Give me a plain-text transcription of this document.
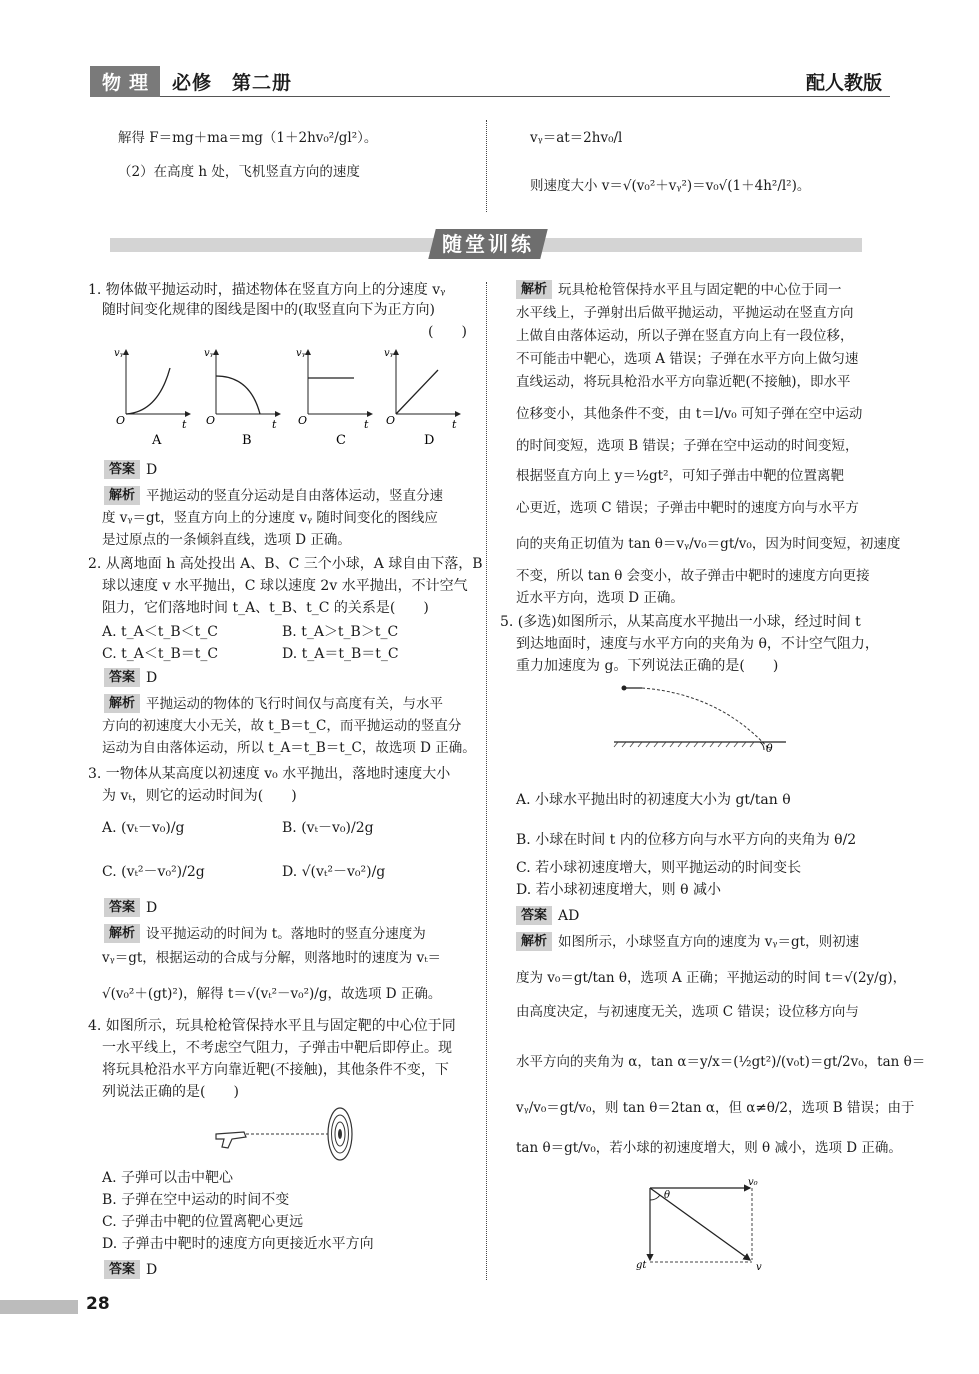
物理 必修　第二册	配人教版
解得 F＝mg＋ma＝mg（1＋2hv₀²/gl²）。
（2）在高度 h 处，飞机竖直方向的速度
vᵧ＝at＝2hv₀/l
则速度大小 v＝√(v₀²＋vᵧ²)＝v₀√(1＋4h²/l²)。
随堂训练
1. 物体做平抛运动时，描述物体在竖直方向上的分速度 vᵧ
随时间变化规律的图线是图中的(取竖直向下为正方向)
(　　)
vᵧ
O	t
A
vᵧ
O	t
B
vᵧ
O	t
C
vᵧ
O	t
D
答案 D
解析 平抛运动的竖直分运动是自由落体运动，竖直分速
度 vᵧ＝gt，竖直方向上的分速度 vᵧ 随时间变化的图线应
是过原点的一条倾斜直线，选项 D 正确。
2. 从离地面 h 高处投出 A、B、C 三个小球，A 球自由下落，B
球以速度 v 水平抛出，C 球以速度 2v 水平抛出，不计空气
阻力，它们落地时间 t_A、t_B、t_C 的关系是(　　)
A. t_A＜t_B＜t_C	B. t_A＞t_B＞t_C
C. t_A＜t_B＝t_C	D. t_A＝t_B＝t_C
答案 D
解析 平抛运动的物体的飞行时间仅与高度有关，与水平
方向的初速度大小无关，故 t_B＝t_C，而平抛运动的竖直分
运动为自由落体运动，所以 t_A＝t_B＝t_C，故选项 D 正确。
3. 一物体从某高度以初速度 v₀ 水平抛出，落地时速度大小
为 vₜ，则它的运动时间为(　　)
A. (vₜ－v₀)/g	B. (vₜ－v₀)/2g
C. (vₜ²－v₀²)/2g	D. √(vₜ²－v₀²)/g
答案 D
解析 设平抛运动的时间为 t。落地时的竖直分速度为
vᵧ＝gt，根据运动的合成与分解，则落地时的速度为 vₜ＝
√(v₀²＋(gt)²)，解得 t＝√(vₜ²－v₀²)/g，故选项 D 正确。
4. 如图所示，玩具枪枪管保持水平且与固定靶的中心位于同
一水平线上，不考虑空气阻力，子弹击中靶后即停止。现
将玩具枪沿水平方向靠近靶(不接触)，其他条件不变，下
列说法正确的是(　　)
A. 子弹可以击中靶心
B. 子弹在空中运动的时间不变
C. 子弹击中靶的位置离靶心更远
D. 子弹击中靶时的速度方向更接近水平方向
答案 D
解析 玩具枪枪管保持水平且与固定靶的中心位于同一
水平线上，子弹射出后做平抛运动，平抛运动在竖直方向
上做自由落体运动，所以子弹在竖直方向上有一段位移，
不可能击中靶心，选项 A 错误；子弹在水平方向上做匀速
直线运动，将玩具枪沿水平方向靠近靶(不接触)，即水平
位移变小，其他条件不变，由 t＝l/v₀ 可知子弹在空中运动
的时间变短，选项 B 错误；子弹在空中运动的时间变短，
根据竖直方向上 y＝½gt²，可知子弹击中靶的位置离靶
心更近，选项 C 错误；子弹击中靶时的速度方向与水平方
向的夹角正切值为 tan θ＝vᵧ/v₀＝gt/v₀，因为时间变短，初速度
不变，所以 tan θ 会变小，故子弹击中靶时的速度方向更接
近水平方向，选项 D 正确。
5. (多选)如图所示，从某高度水平抛出一小球，经过时间 t
到达地面时，速度与水平方向的夹角为 θ，不计空气阻力，
重力加速度为 g。下列说法正确的是(　　)
θ
A. 小球水平抛出时的初速度大小为 gt/tan θ
B. 小球在时间 t 内的位移方向与水平方向的夹角为 θ/2
C. 若小球初速度增大，则平抛运动的时间变长
D. 若小球初速度增大，则 θ 减小
答案 AD
解析 如图所示，小球竖直方向的速度为 vᵧ＝gt，则初速
度为 v₀＝gt/tan θ，选项 A 正确；平抛运动的时间 t＝√(2y/g)，
由高度决定，与初速度无关，选项 C 错误；设位移方向与
水平方向的夹角为 α，tan α＝y/x＝(½gt²)/(v₀t)＝gt/2v₀，tan θ＝
vᵧ/v₀＝gt/v₀，则 tan θ＝2tan α，但 α≠θ/2，选项 B 错误；由于
tan θ＝gt/v₀，若小球的初速度增大，则 θ 减小，选项 D 正确。
θ
v₀
gt	v
28
